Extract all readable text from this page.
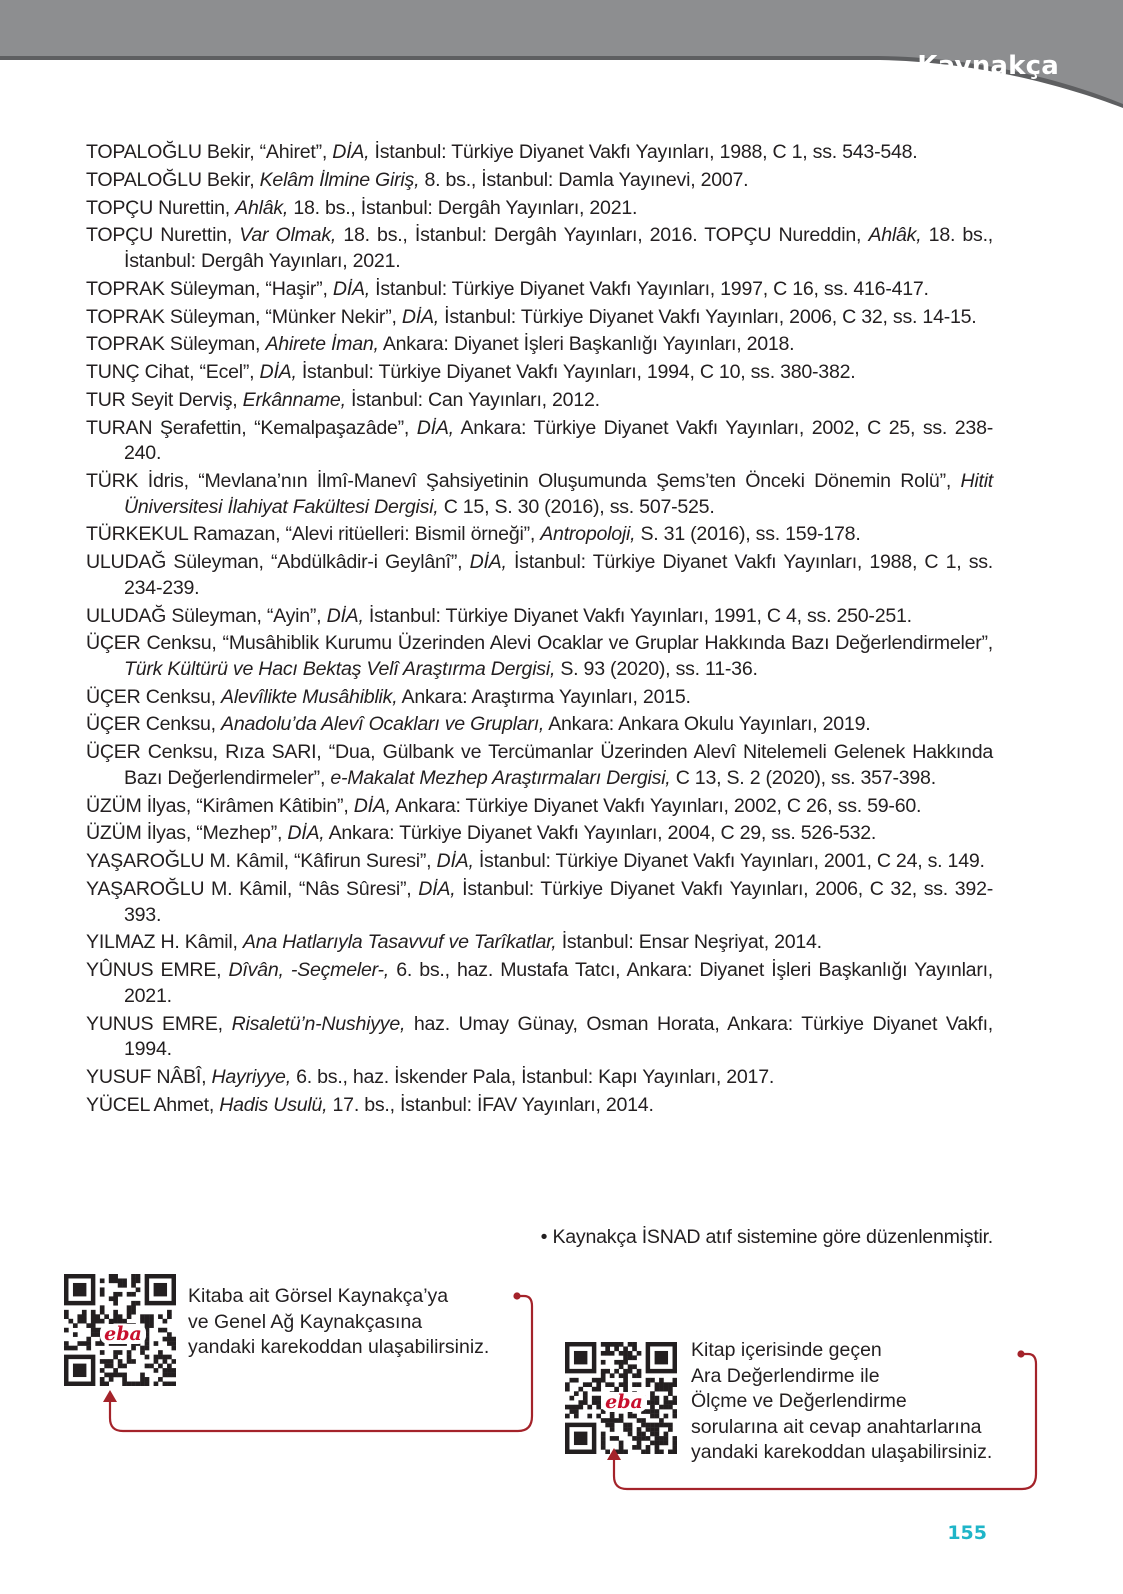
Kaynakça
TOPALOĞLU Bekir, “Ahiret”, DİA, İstanbul: Türkiye Diyanet Vakfı Yayınları, 1988, C 1, ss. 543-548.
TOPALOĞLU Bekir, Kelâm İlmine Giriş, 8. bs., İstanbul: Damla Yayınevi, 2007.
TOPÇU Nurettin, Ahlâk, 18. bs., İstanbul: Dergâh Yayınları, 2021.
TOPÇU Nurettin, Var Olmak, 18. bs., İstanbul: Dergâh Yayınları, 2016. TOPÇU Nureddin, Ahlâk, 18. bs., İstanbul: Dergâh Yayınları, 2021.
TOPRAK Süleyman, “Haşir”, DİA, İstanbul: Türkiye Diyanet Vakfı Yayınları, 1997, C 16, ss. 416-417.
TOPRAK Süleyman, “Münker Nekir”, DİA, İstanbul: Türkiye Diyanet Vakfı Yayınları, 2006, C 32, ss. 14-15.
TOPRAK Süleyman, Ahirete İman, Ankara: Diyanet İşleri Başkanlığı Yayınları, 2018.
TUNÇ Cihat, “Ecel”, DİA, İstanbul: Türkiye Diyanet Vakfı Yayınları, 1994, C 10, ss. 380-382.
TUR Seyit Derviş, Erkânname, İstanbul: Can Yayınları, 2012.
TURAN Şerafettin, “Kemalpaşazâde”, DİA, Ankara: Türkiye Diyanet Vakfı Yayınları, 2002, C 25, ss. 238-240.
TÜRK İdris, “Mevlana’nın İlmî-Manevî Şahsiyetinin Oluşumunda Şems’ten Önceki Dönemin Rolü”, Hitit Üniversitesi İlahiyat Fakültesi Dergisi, C 15, S. 30 (2016), ss. 507-525.
TÜRKEKUL Ramazan, “Alevi ritüelleri: Bismil örneği”, Antropoloji, S. 31 (2016), ss. 159-178.
ULUDAĞ Süleyman, “Abdülkâdir-i Geylânî”, DİA, İstanbul: Türkiye Diyanet Vakfı Yayınları, 1988, C 1, ss. 234-239.
ULUDAĞ Süleyman, “Ayin”, DİA, İstanbul: Türkiye Diyanet Vakfı Yayınları, 1991, C 4, ss. 250-251.
ÜÇER Cenksu, “Musâhiblik Kurumu Üzerinden Alevi Ocaklar ve Gruplar Hakkında Bazı Değerlendirmeler”, Türk Kültürü ve Hacı Bektaş Velî Araştırma Dergisi, S. 93 (2020), ss. 11-36.
ÜÇER Cenksu, Alevîlikte Musâhiblik, Ankara: Araştırma Yayınları, 2015.
ÜÇER Cenksu, Anadolu’da Alevî Ocakları ve Grupları, Ankara: Ankara Okulu Yayınları, 2019.
ÜÇER Cenksu, Rıza SARI, “Dua, Gülbank ve Tercümanlar Üzerinden Alevî Nitelemeli Gelenek Hakkında Bazı Değerlendirmeler”, e-Makalat Mezhep Araştırmaları Dergisi, C 13, S. 2 (2020), ss. 357-398.
ÜZÜM İlyas, “Kirâmen Kâtibin”, DİA, Ankara: Türkiye Diyanet Vakfı Yayınları, 2002, C 26, ss. 59-60.
ÜZÜM İlyas, “Mezhep”, DİA, Ankara: Türkiye Diyanet Vakfı Yayınları, 2004, C 29, ss. 526-532.
YAŞAROĞLU M. Kâmil, “Kâfirun Suresi”, DİA, İstanbul: Türkiye Diyanet Vakfı Yayınları, 2001, C 24, s. 149.
YAŞAROĞLU M. Kâmil, “Nâs Sûresi”, DİA, İstanbul: Türkiye Diyanet Vakfı Yayınları, 2006, C 32, ss. 392-393.
YILMAZ H. Kâmil, Ana Hatlarıyla Tasavvuf ve Tarîkatlar, İstanbul: Ensar Neşriyat, 2014.
YÛNUS EMRE, Dîvân, -Seçmeler-, 6. bs., haz. Mustafa Tatcı, Ankara: Diyanet İşleri Başkanlığı Yayınları, 2021.
YUNUS EMRE, Risaletü’n-Nushiyye, haz. Umay Günay, Osman Horata, Ankara: Türkiye Diyanet Vakfı, 1994.
YUSUF NÂBÎ, Hayriyye, 6. bs., haz. İskender Pala, İstanbul: Kapı Yayınları, 2017.
YÜCEL Ahmet, Hadis Usulü, 17. bs., İstanbul: İFAV Yayınları, 2014.
• Kaynakça İSNAD atıf sistemine göre düzenlenmiştir.
eba
Kitaba ait Görsel Kaynakça’ya
ve Genel Ağ Kaynakçasına
yandaki karekoddan ulaşabilirsiniz.
eba
Kitap içerisinde geçen
Ara Değerlendirme ile
Ölçme ve Değerlendirme
sorularına ait cevap anahtarlarına
yandaki karekoddan ulaşabilirsiniz.
155
